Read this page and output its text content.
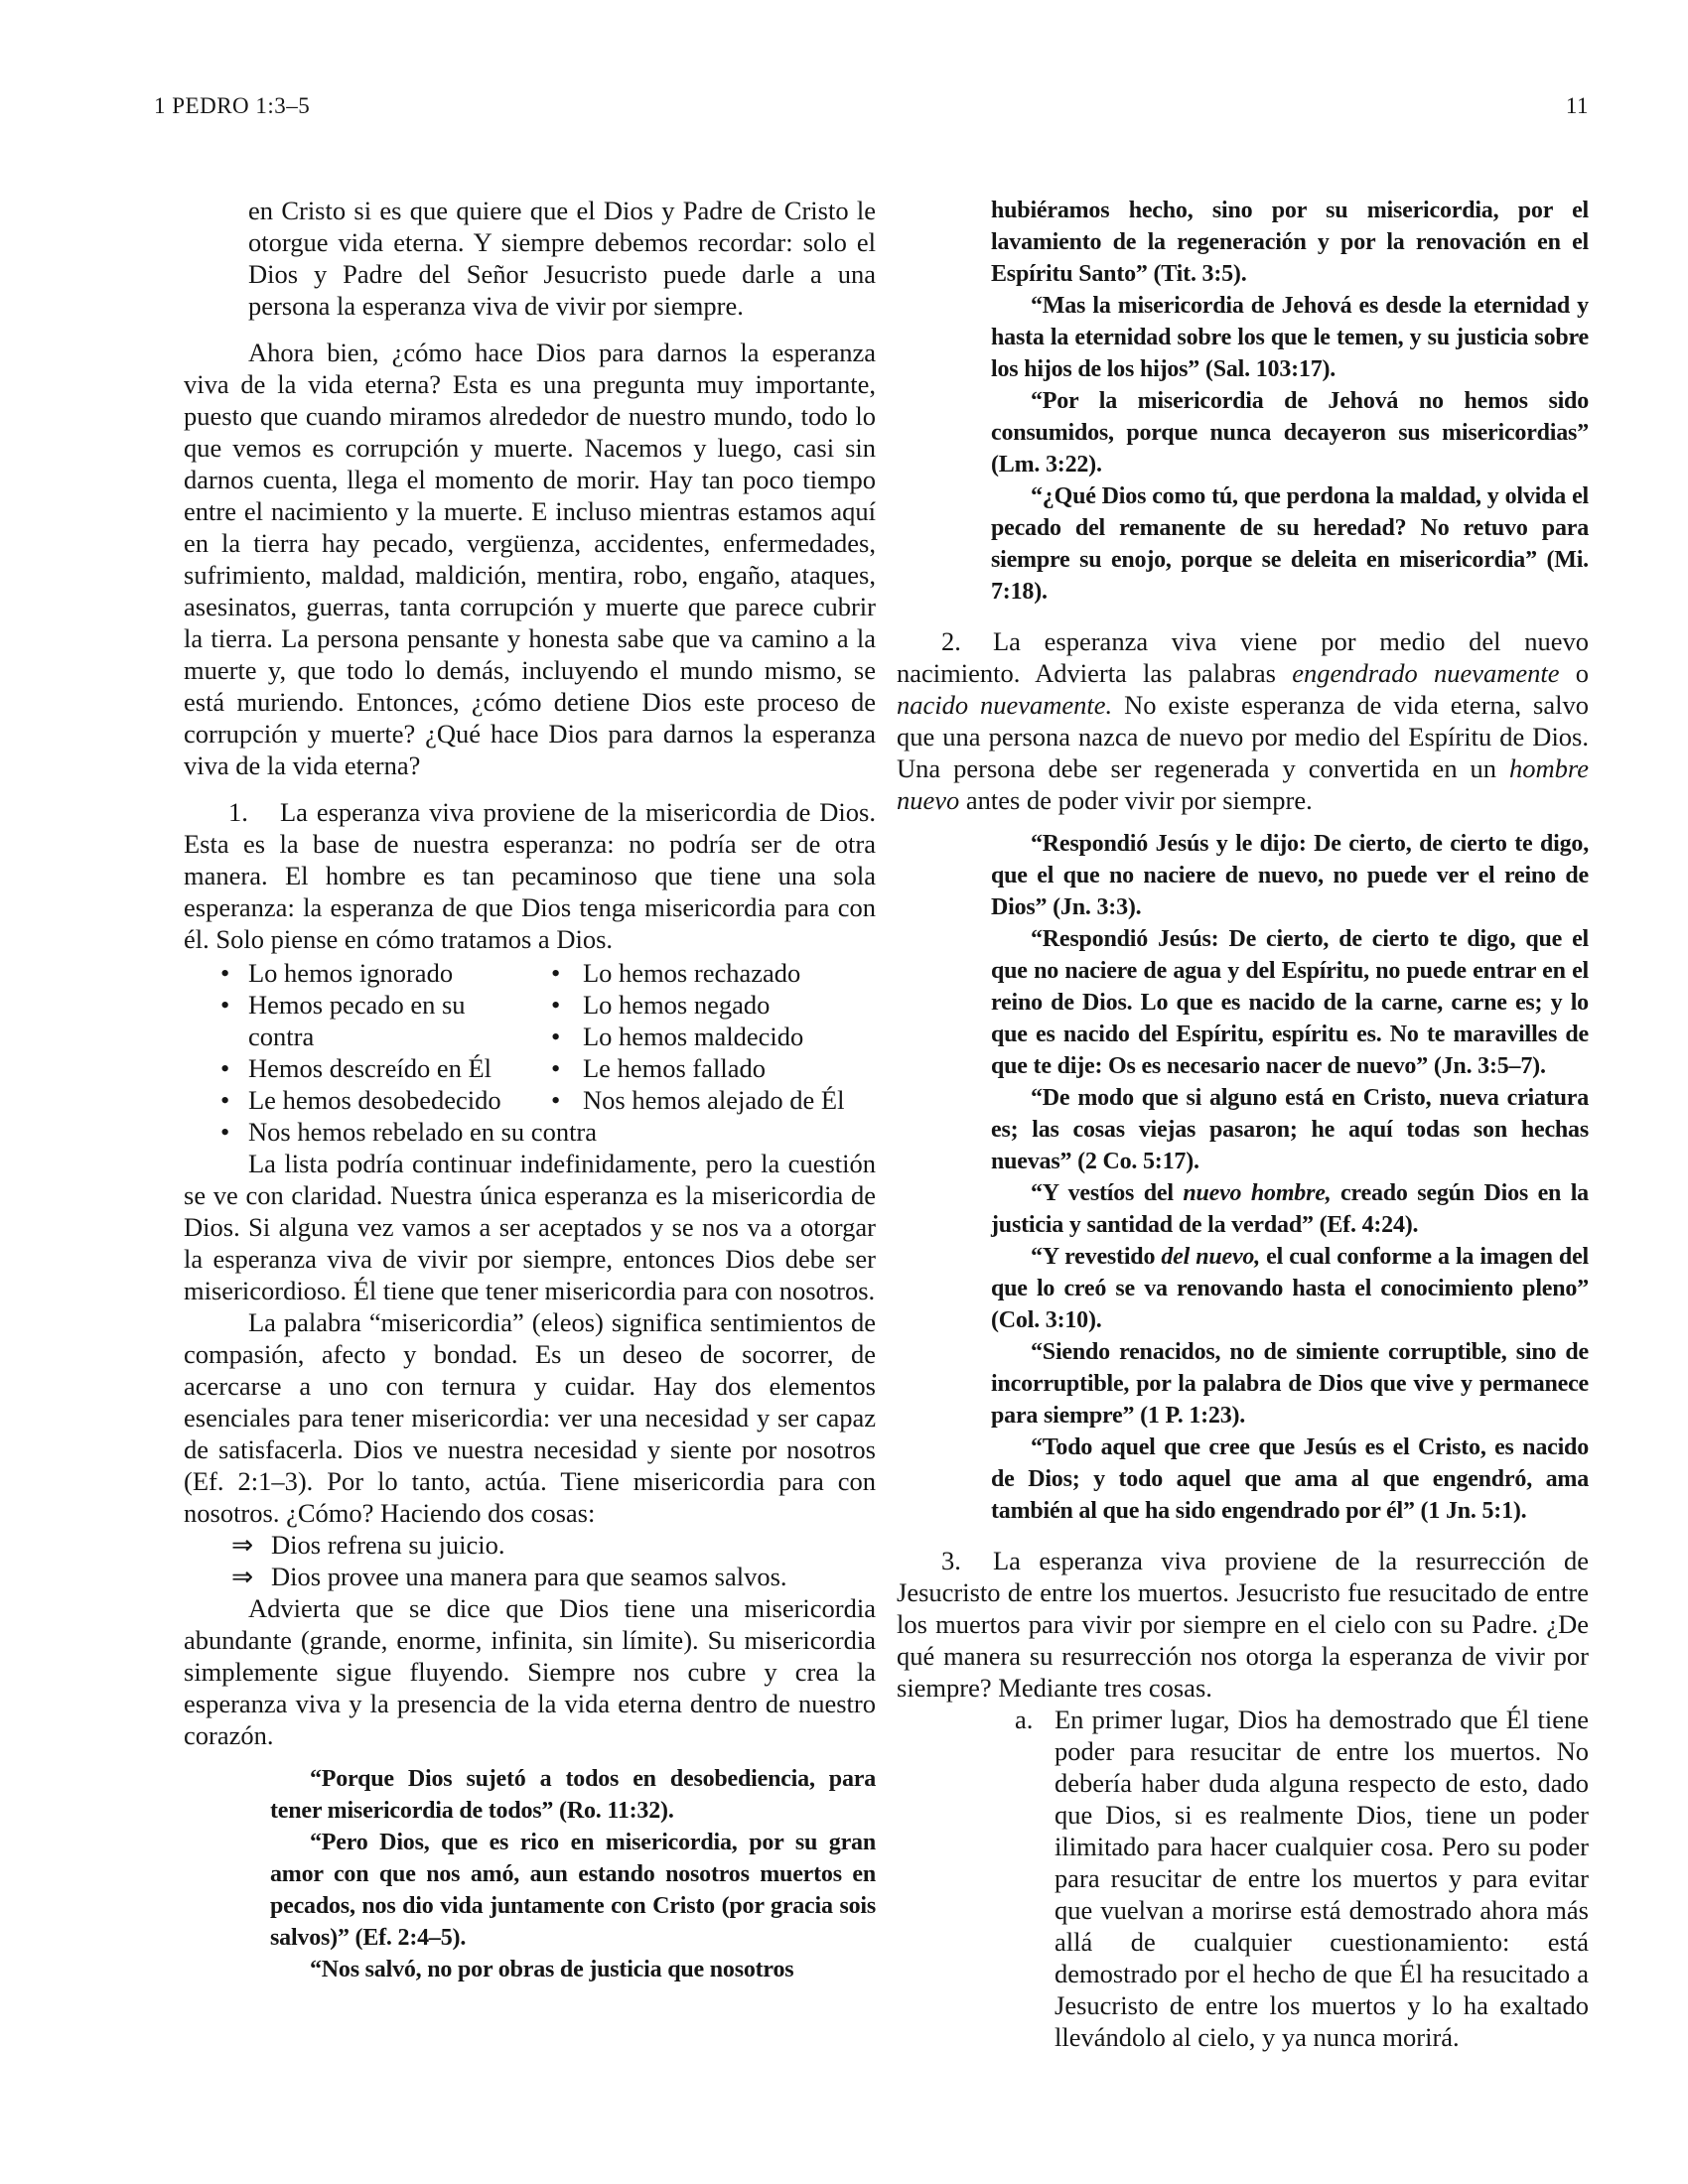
1 PEDRO 1:3–5	11

en Cristo si es que quiere que el Dios y Padre de Cristo le otorgue vida eterna. Y siempre debemos recordar: solo el Dios y Padre del Señor Jesucristo puede darle a una persona la esperanza viva de vivir por siempre.

Ahora bien, ¿cómo hace Dios para darnos la esperanza viva de la vida eterna? Esta es una pregunta muy importante, puesto que cuando miramos alrededor de nuestro mundo, todo lo que vemos es corrupción y muerte. Nacemos y luego, casi sin darnos cuenta, llega el momento de morir. Hay tan poco tiempo entre el nacimiento y la muerte. E incluso mientras estamos aquí en la tierra hay pecado, vergüenza, accidentes, enfermedades, sufrimiento, maldad, maldición, mentira, robo, engaño, ataques, asesinatos, guerras, tanta corrupción y muerte que parece cubrir la tierra. La persona pensante y honesta sabe que va camino a la muerte y, que todo lo demás, incluyendo el mundo mismo, se está muriendo. Entonces, ¿cómo detiene Dios este proceso de corrupción y muerte? ¿Qué hace Dios para darnos la esperanza viva de la vida eterna?

1. La esperanza viva proviene de la misericordia de Dios. Esta es la base de nuestra esperanza: no podría ser de otra manera. El hombre es tan pecaminoso que tiene una sola esperanza: la esperanza de que Dios tenga misericordia para con él. Solo piense en cómo tratamos a Dios.

• Lo hemos ignorado	• Lo hemos rechazado
• Hemos pecado en su	• Lo hemos negado
contra	• Lo hemos maldecido
• Hemos descreído en Él	• Le hemos fallado
• Le hemos desobedecido	• Nos hemos alejado de Él
• Nos hemos rebelado en su contra

La lista podría continuar indefinidamente, pero la cuestión se ve con claridad. Nuestra única esperanza es la misericordia de Dios. Si alguna vez vamos a ser aceptados y se nos va a otorgar la esperanza viva de vivir por siempre, entonces Dios debe ser misericordioso. Él tiene que tener misericordia para con nosotros.

La palabra “misericordia” (eleos) significa sentimientos de compasión, afecto y bondad. Es un deseo de socorrer, de acercarse a uno con ternura y cuidar. Hay dos elementos esenciales para tener misericordia: ver una necesidad y ser capaz de satisfacerla. Dios ve nuestra necesidad y siente por nosotros (Ef. 2:1–3). Por lo tanto, actúa. Tiene misericordia para con nosotros. ¿Cómo? Haciendo dos cosas:

⇒ Dios refrena su juicio.
⇒ Dios provee una manera para que seamos salvos.

Advierta que se dice que Dios tiene una misericordia abundante (grande, enorme, infinita, sin límite). Su misericordia simplemente sigue fluyendo. Siempre nos cubre y crea la esperanza viva y la presencia de la vida eterna dentro de nuestro corazón.

“Porque Dios sujetó a todos en desobediencia, para tener misericordia de todos” (Ro. 11:32).

“Pero Dios, que es rico en misericordia, por su gran amor con que nos amó, aun estando nosotros muertos en pecados, nos dio vida juntamente con Cristo (por gracia sois salvos)” (Ef. 2:4–5).

“Nos salvó, no por obras de justicia que nosotros

hubiéramos hecho, sino por su misericordia, por el lavamiento de la regeneración y por la renovación en el Espíritu Santo” (Tit. 3:5).

“Mas la misericordia de Jehová es desde la eternidad y hasta la eternidad sobre los que le temen, y su justicia sobre los hijos de los hijos” (Sal. 103:17).

“Por la misericordia de Jehová no hemos sido consumidos, porque nunca decayeron sus misericordias” (Lm. 3:22).

“¿Qué Dios como tú, que perdona la maldad, y olvida el pecado del remanente de su heredad? No retuvo para siempre su enojo, porque se deleita en misericordia” (Mi. 7:18).

2. La esperanza viva viene por medio del nuevo nacimiento. Advierta las palabras engendrado nuevamente o nacido nuevamente. No existe esperanza de vida eterna, salvo que una persona nazca de nuevo por medio del Espíritu de Dios. Una persona debe ser regenerada y convertida en un hombre nuevo antes de poder vivir por siempre.

“Respondió Jesús y le dijo: De cierto, de cierto te digo, que el que no naciere de nuevo, no puede ver el reino de Dios” (Jn. 3:3).

“Respondió Jesús: De cierto, de cierto te digo, que el que no naciere de agua y del Espíritu, no puede entrar en el reino de Dios. Lo que es nacido de la carne, carne es; y lo que es nacido del Espíritu, espíritu es. No te maravilles de que te dije: Os es necesario nacer de nuevo” (Jn. 3:5–7).

“De modo que si alguno está en Cristo, nueva criatura es; las cosas viejas pasaron; he aquí todas son hechas nuevas” (2 Co. 5:17).

“Y vestíos del nuevo hombre, creado según Dios en la justicia y santidad de la verdad” (Ef. 4:24).

“Y revestido del nuevo, el cual conforme a la imagen del que lo creó se va renovando hasta el conocimiento pleno” (Col. 3:10).

“Siendo renacidos, no de simiente corruptible, sino de incorruptible, por la palabra de Dios que vive y permanece para siempre” (1 P. 1:23).

“Todo aquel que cree que Jesús es el Cristo, es nacido de Dios; y todo aquel que ama al que engendró, ama también al que ha sido engendrado por él” (1 Jn. 5:1).

3. La esperanza viva proviene de la resurrección de Jesucristo de entre los muertos. Jesucristo fue resucitado de entre los muertos para vivir por siempre en el cielo con su Padre. ¿De qué manera su resurrección nos otorga la esperanza de vivir por siempre? Mediante tres cosas.

a. En primer lugar, Dios ha demostrado que Él tiene poder para resucitar de entre los muertos. No debería haber duda alguna respecto de esto, dado que Dios, si es realmente Dios, tiene un poder ilimitado para hacer cualquier cosa. Pero su poder para resucitar de entre los muertos y para evitar que vuelvan a morirse está demostrado ahora más allá de cualquier cuestionamiento: está demostrado por el hecho de que Él ha resucitado a Jesucristo de entre los muertos y lo ha exaltado llevándolo al cielo, y ya nunca morirá.
